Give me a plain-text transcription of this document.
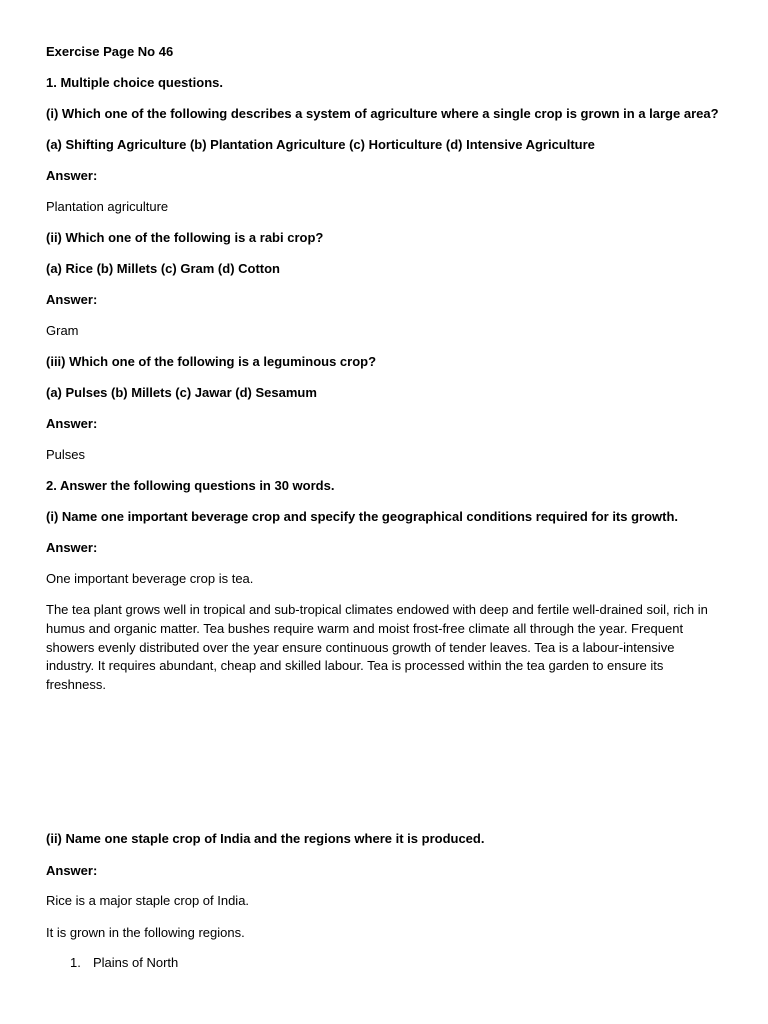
Exercise Page No 46
1. Multiple choice questions.
(i) Which one of the following describes a system of agriculture where a single crop is grown in a large area?
(a) Shifting Agriculture (b) Plantation Agriculture (c) Horticulture (d) Intensive Agriculture
Answer:
Plantation agriculture
(ii) Which one of the following is a rabi crop?
(a) Rice (b) Millets (c) Gram (d) Cotton
Answer:
Gram
(iii) Which one of the following is a leguminous crop?
(a) Pulses (b) Millets (c) Jawar (d) Sesamum
Answer:
Pulses
2. Answer the following questions in 30 words.
(i) Name one important beverage crop and specify the geographical conditions required for its growth.
Answer:
One important beverage crop is tea.
The tea plant grows well in tropical and sub-tropical climates endowed with deep and fertile well-drained soil, rich in humus and organic matter. Tea bushes require warm and moist frost-free climate all through the year. Frequent showers evenly distributed over the year ensure continuous growth of tender leaves. Tea is a labour-intensive industry. It requires abundant, cheap and skilled labour. Tea is processed within the tea garden to ensure its freshness.
(ii) Name one staple crop of India and the regions where it is produced.
Answer:
Rice is a major staple crop of India.
It is grown in the following regions.
1. Plains of North
